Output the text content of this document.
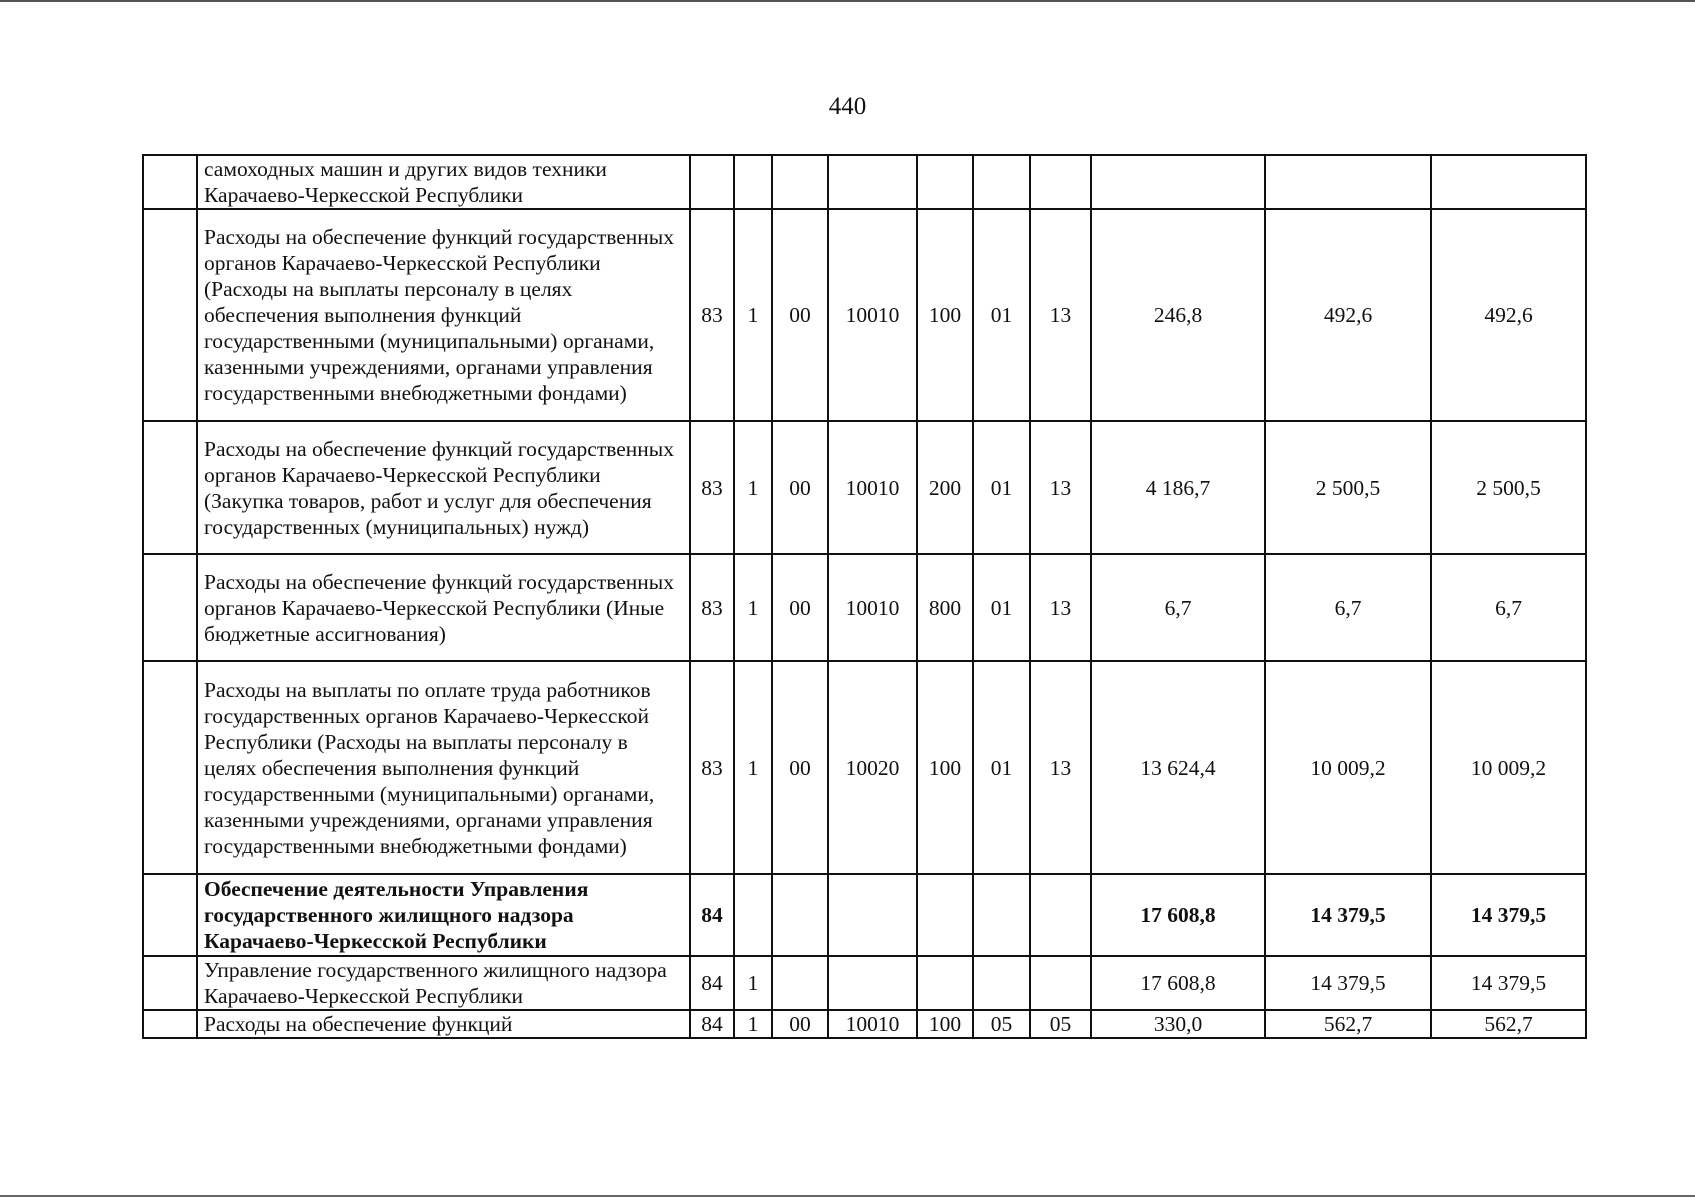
440
	самоходных машин и других видов техники Карачаево-Черкесской Республики										
	Расходы на обеспечение функций государственных органов Карачаево-Черкесской Республики (Расходы на выплаты персоналу в целях обеспечения выполнения функций государственными (муниципальными) органами, казенными учреждениями, органами управления государственными внебюджетными фондами)	83	1	00	10010	100	01	13	246,8	492,6	492,6
	Расходы на обеспечение функций государственных органов Карачаево-Черкесской Республики (Закупка товаров, работ и услуг для обеспечения государственных (муниципальных) нужд)	83	1	00	10010	200	01	13	4 186,7	2 500,5	2 500,5
	Расходы на обеспечение функций государственных органов Карачаево-Черкесской Республики (Иные бюджетные ассигнования)	83	1	00	10010	800	01	13	6,7	6,7	6,7
	Расходы на выплаты по оплате труда работников государственных органов Карачаево-Черкесской Республики (Расходы на выплаты персоналу в целях обеспечения выполнения функций государственными (муниципальными) органами, казенными учреждениями, органами управления государственными внебюджетными фондами)	83	1	00	10020	100	01	13	13 624,4	10 009,2	10 009,2
	Обеспечение деятельности Управления государственного жилищного надзора Карачаево-Черкесской Республики	84							17 608,8	14 379,5	14 379,5
	Управление государственного жилищного надзора Карачаево-Черкесской Республики	84	1						17 608,8	14 379,5	14 379,5
	Расходы на обеспечение функций	84	1	00	10010	100	05	05	330,0	562,7	562,7
